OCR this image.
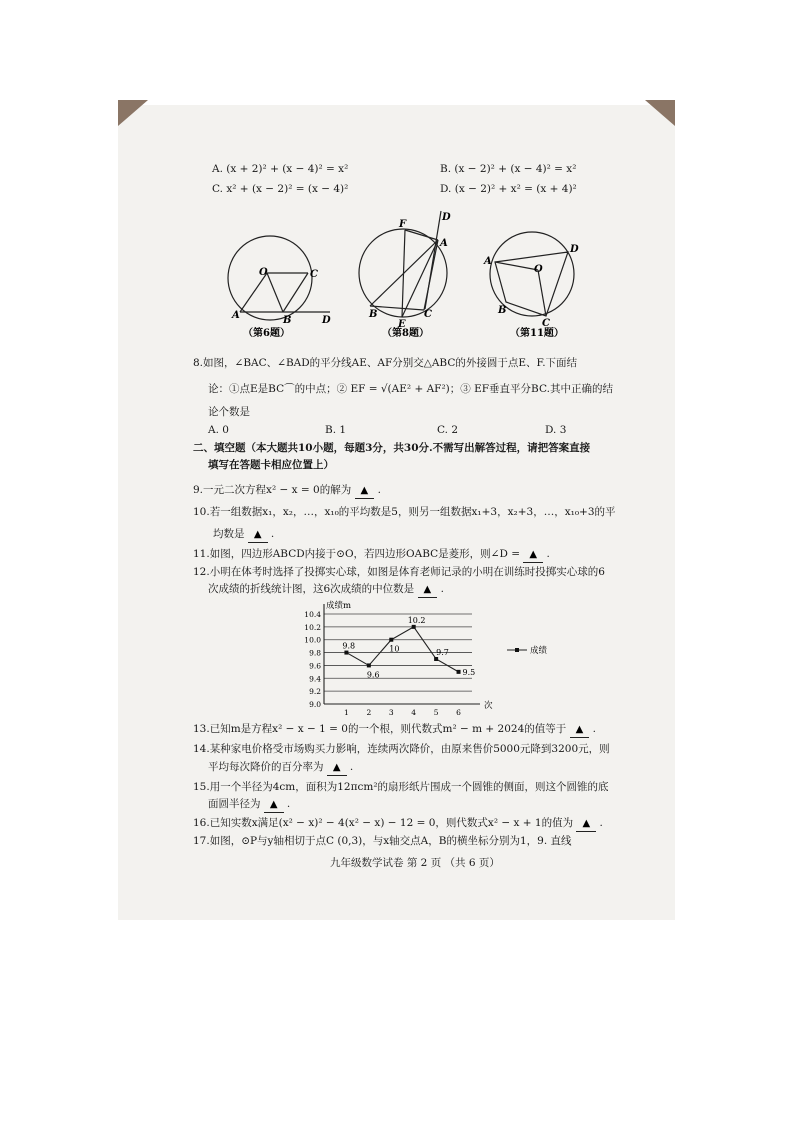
A. (x + 2)² + (x − 4)² = x²	B. (x − 2)² + (x − 4)² = x²
C. x² + (x − 2)² = (x − 4)²	D. (x − 2)² + x² = (x + 4)²
O	C
A	B	D
（第6题）
F
D
A
B
E
C
（第8题）
A
O
D
B
C
（第11题）
8.如图，∠BAC、∠BAD的平分线AE、AF分别交△ABC的外接圆于点E、F.下面结
论：①点E是BC⌒的中点；② EF = √(AE² + AF²)；③ EF垂直平分BC.其中正确的结
论个数是
A. 0	B. 1	C. 2	D. 3
二、填空题（本大题共10小题，每题3分，共30分.不需写出解答过程，请把答案直接
填写在答题卡相应位置上）
9.一元二次方程x² − x = 0的解为 ▲ .
10.若一组数据x₁，x₂，…，x₁₀的平均数是5，则另一组数据x₁+3，x₂+3，…，x₁₀+3的平
均数是 ▲ .
11.如图，四边形ABCD内接于⊙O，若四边形OABC是菱形，则∠D = ▲ .
12.小明在体考时选择了投掷实心球，如图是体育老师记录的小明在训练时投掷实心球的6
次成绩的折线统计图，这6次成绩的中位数是 ▲ .
9.0
9.2
9.4
9.6
9.8
10.0
10.2
10.4
成绩m
次
1 2 3 4 5 6
9.8
9.6
10
10.2
9.7
9.5
成绩
13.已知m是方程x² − x − 1 = 0的一个根，则代数式m² − m + 2024的值等于 ▲ .
14.某种家电价格受市场购买力影响，连续两次降价，由原来售价5000元降到3200元，则
平均每次降价的百分率为 ▲ .
15.用一个半径为4cm，面积为12πcm²的扇形纸片围成一个圆锥的侧面，则这个圆锥的底
面圆半径为 ▲ .
16.已知实数x满足(x² − x)² − 4(x² − x) − 12 = 0，则代数式x² − x + 1的值为 ▲ .
17.如图，⊙P与y轴相切于点C (0,3)，与x轴交点A，B的横坐标分别为1，9. 直线
九年级数学试卷 第 2 页 （共 6 页）
